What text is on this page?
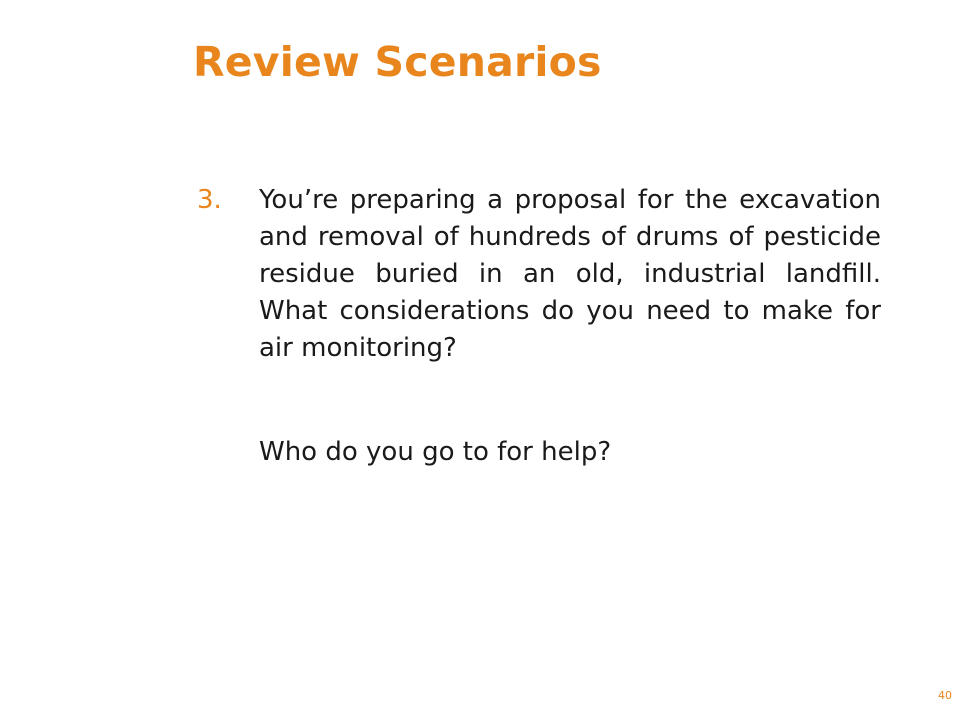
Review Scenarios
3. You’re preparing a proposal for the excavation and removal of hundreds of drums of pesticide residue buried in an old, industrial landfill. What considerations do you need to make for air monitoring?

Who do you go to for help?

40
